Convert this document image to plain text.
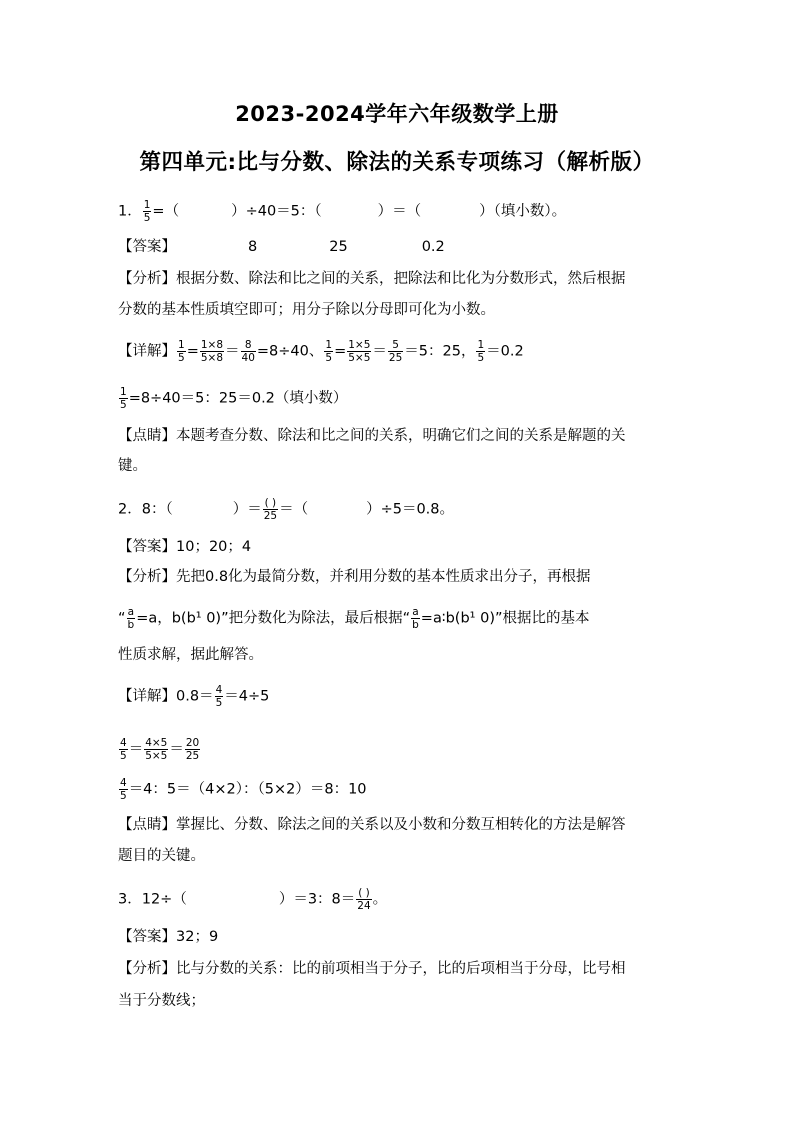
2023-2024学年六年级数学上册
第四单元:比与分数、除法的关系专项练习（解析版）
1． $\frac{1}{5}$ =（	）÷40＝5：（	）＝（	）（填小数）。
【答案】	8	25	0.2
【分析】根据分数、除法和比之间的关系，把除法和比化为分数形式，然后根据
分数的基本性质填空即可；用分子除以分母即可化为小数。
【详解】 $\frac{1}{5} = \frac{1\times 8}{5\times 8} = \frac{8}{40} =8\div 40$、 $\frac{1}{5} = \frac{1\times 5}{5\times 5} = \frac{5}{25} =5$：25， $\frac{1}{5} =0.2$
$\frac{1}{5} =8\div 40=5$：25＝0.2（填小数）
【点睛】本题考查分数、除法和比之间的关系，明确它们之间的关系是解题的关
键。
2．8：（	）＝ $\frac{( )}{25}$ ＝（	）÷5＝0.8。
【答案】10；20；4
【分析】先把0.8化为最简分数，并利用分数的基本性质求出分子，再根据
“ $\frac{a}{b} =a$，b(b¹ 0)”把分数化为除法，最后根据“ $\frac{a}{b}$ =a∶b(b¹ 0)”根据比的基本
性质求解，据此解答。
【详解】$0.8= \frac{4}{5} =4\div 5$
$\frac{4}{5} = \frac{4\times 5}{5\times 5} = \frac{20}{25}$
$\frac{4}{5} =4$：5＝（4×2）：（5×2）＝8：10
【点睛】掌握比、分数、除法之间的关系以及小数和分数互相转化的方法是解答
题目的关键。
3．12÷（	）＝3：$8= \frac{( )}{24}$ 。
【答案】32；9
【分析】比与分数的关系：比的前项相当于分子，比的后项相当于分母，比号相
当于分数线；
